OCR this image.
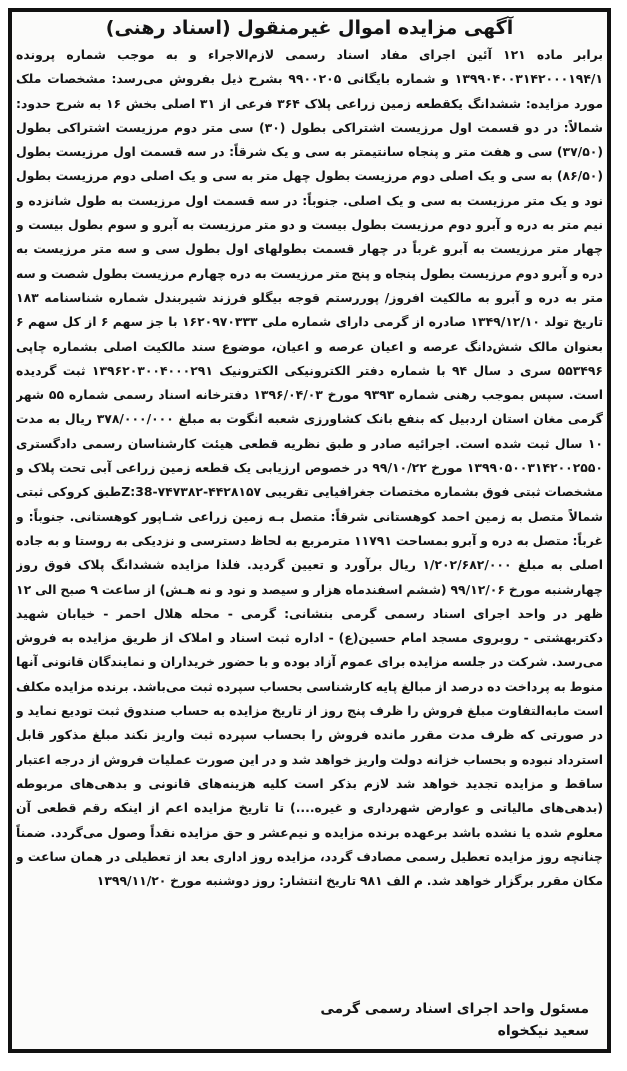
آگهی مزایده اموال غیرمنقول (اسناد رهنی)

برابر ماده ۱۲۱ آئین اجرای مفاد اسناد رسمی لازم‌الاجراء و به موجب شماره پرونده ۱۳۹۹۰۴۰۰۳۱۴۲۰۰۰۱۹۴/۱ و شماره بایگانی ۹۹۰۰۲۰۵ بشرح ذیل بفروش می‌رسد: مشخصات ملک مورد مزایده: ششدانگ یکقطعه زمین زراعی پلاک ۳۶۴ فرعی از ۳۱ اصلی بخش ۱۶ به شرح حدود: شمالاً: در دو قسمت اول مرزیست اشتراکی بطول (۳۰) سی متر دوم مرزیست اشتراکی بطول (۳۷/۵۰) سی و هفت متر و پنجاه سانتیمتر به سی و یک شرقاً: در سه قسمت اول مرزیست بطول (۸۶/۵۰) به سی و یک اصلی دوم مرزیست بطول چهل متر به سی و یک اصلی دوم مرزیست بطول نود و یک متر مرزیست به سی و یک اصلی. جنوباً: در سه قسمت اول مرزیست به طول شانزده و نیم متر به دره و آبرو دوم مرزیست بطول بیست و دو متر مرزیست به آبرو و سوم بطول بیست و چهار متر مرزیست به آبرو غرباً در چهار قسمت بطولهای اول بطول سی و سه متر مرزیست به دره و آبرو دوم مرزیست بطول پنجاه و پنج متر مرزیست به دره چهارم مرزیست بطول شصت و سه متر به دره و آبرو به مالکیت افروز/ پوررستم قوجه بیگلو فرزند شیربندل شماره شناسنامه ۱۸۳ تاریخ تولد ۱۳۴۹/۱۲/۱۰ صادره از گرمی دارای شماره ملی ۱۶۲۰۹۷۰۳۳۳ با جز سهم ۶ از کل سهم ۶ بعنوان مالک شش‌دانگ عرصه و اعیان عرصه و اعیان، موضوع سند مالکیت اصلی بشماره چاپی ۵۵۳۴۹۶ سری د سال ۹۴ با شماره دفتر الکترونیکی الکترونیک ۱۳۹۶۲۰۳۰۰۴۰۰۰۲۹۱ ثبت گردیده است. سپس بموجب رهنی شماره ۹۳۹۳ مورخ ۱۳۹۶/۰۴/۰۳ دفترخانه اسناد رسمی شماره ۵۵ شهر گرمی مغان استان اردبیل که بنفع بانک کشاورزی شعبه انگوت به مبلغ ۳۷۸/۰۰۰/۰۰۰ ریال به مدت ۱۰ سال ثبت شده است. اجرائیه صادر و طبق نظریه قطعی هیئت کارشناسان رسمی دادگستری ۱۳۹۹۰۵۰۰۳۱۴۲۰۰۲۵۵۰ مورخ ۹۹/۱۰/۲۲ در خصوص ارزیابی یک قطعه زمین زراعی آبی تحت پلاک و مشخصات ثبتی فوق بشماره مختصات جغرافیایی تقریبی Z:38-۷۴۷۳۸۲-۴۴۲۸۱۵۷طبق کروکی ثبتی شمالاً متصل به زمین احمد کوهستانی شرقاً: متصل بـه زمین زراعی شـاپور کوهستانی. جنوباً: و غرباً: متصل به دره و آبرو بمساحت ۱۱۷۹۱ مترمربع به لحاظ دسترسی و نزدیکی به روستا و به جاده اصلی به مبلغ ۱/۲۰۲/۶۸۲/۰۰۰ ریال برآورد و تعیین گردید. فلذا مزایده ششدانگ پلاک فوق روز چهارشنبه مورخ ۹۹/۱۲/۰۶ (ششم اسفندماه هزار و سیصد و نود و نه هـش) از ساعت ۹ صبح الی ۱۲ ظهر در واحد اجرای اسناد رسمی گرمی بنشانی: گرمی - محله هلال احمر - خیابان شهید دکتربهشتی - روبروی مسجد امام حسین(ع) - اداره ثبت اسناد و املاک از طریق مزایده به فروش می‌رسد. شرکت در جلسه مزایده برای عموم آزاد بوده و با حضور خریداران و نمایندگان قانونی آنها منوط به پرداخت ده درصد از مبالغ پایه کارشناسی بحساب سپرده ثبت می‌باشد. برنده مزایده مکلف است مابه‌التفاوت مبلغ فروش را ظرف پنج روز از تاریخ مزایده به حساب صندوق ثبت تودیع نماید و در صورتی که ظرف مدت مقرر مانده فروش را بحساب سپرده ثبت واریز نکند مبلغ مذکور قابل استرداد نبوده و بحساب خزانه دولت واریز خواهد شد و در این صورت عملیات فروش از درجه اعتبار ساقط و مزایده تجدید خواهد شد لازم بذکر است کلیه هزینه‌های قانونی و بدهی‌های مربوطه (بدهی‌های مالیاتی و عوارض شهرداری و غیره....) تا تاریخ مزایده اعم از اینکه رقم قطعی آن معلوم شده یا نشده باشد برعهده برنده مزایده و نیم‌عشر و حق مزایده نقداً وصول می‌گردد. ضمناً چنانچه روز مزایده تعطیل رسمی مصادف گردد، مزایده روز اداری بعد از تعطیلی در همان ساعت و مکان مقرر برگزار خواهد شد. م الف ۹۸۱ تاریخ انتشار: روز دوشنبه مورخ ۱۳۹۹/۱۱/۲۰

مسئول واحد اجرای اسناد رسمی گرمی

سعید نیکخواه
